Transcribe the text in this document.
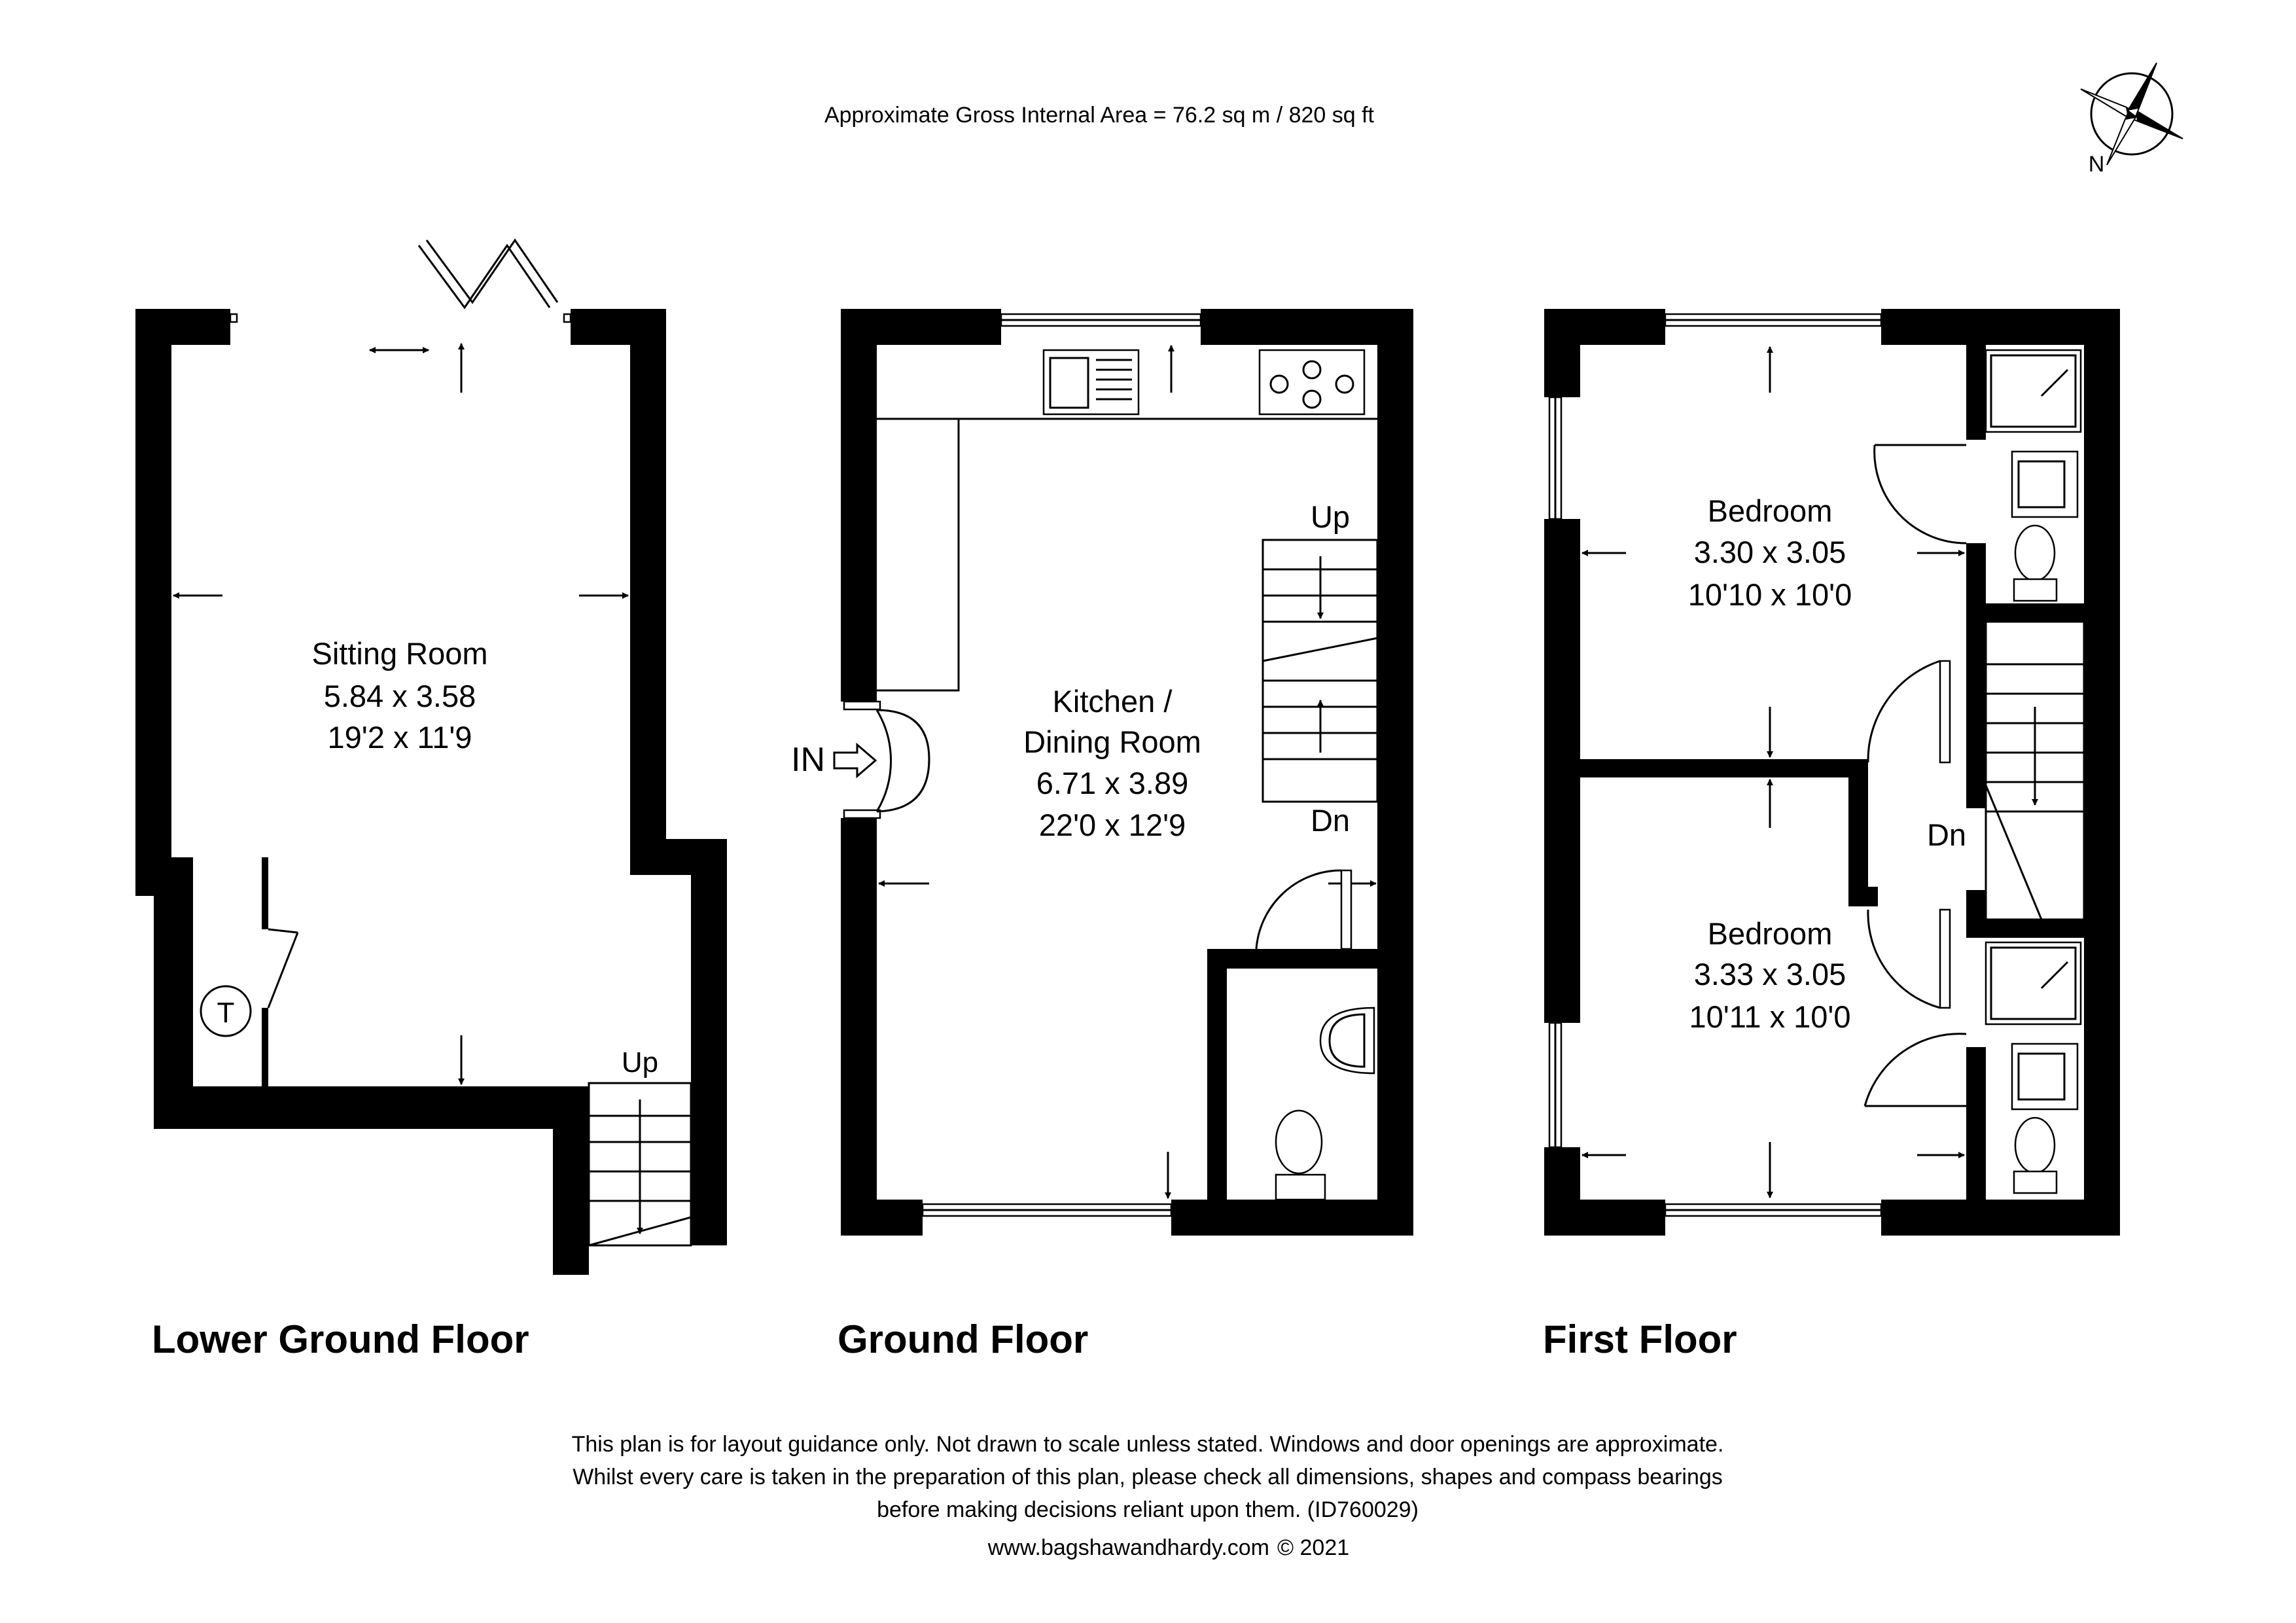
Approximate Gross Internal Area = 76.2 sq m / 820 sq ft
N
Sitting Room
5.84 x 3.58
19'2 x 11'9
T
Up
Lower Ground Floor
IN
Kitchen /
Dining Room
6.71 x 3.89
22'0 x 12'9
Up
Dn
Ground Floor
Bedroom
3.30 x 3.05
10'10 x 10'0
Bedroom
3.33 x 3.05
10'11 x 10'0
Dn
First Floor
This plan is for layout guidance only. Not drawn to scale unless stated. Windows and door openings are approximate.
Whilst every care is taken in the preparation of this plan, please check all dimensions, shapes and compass bearings
before making decisions reliant upon them. (ID760029)
www.bagshawandhardy.com © 2021
